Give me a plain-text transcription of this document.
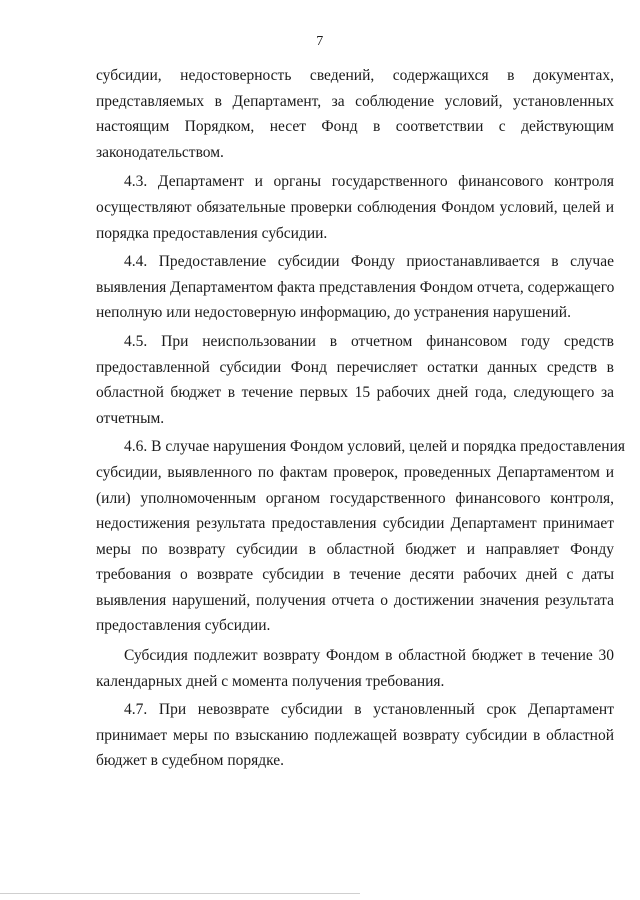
7
субсидии, недостоверность сведений, содержащихся в документах,
представляемых в Департамент, за соблюдение условий, установленных
настоящим Порядком, несет Фонд в соответствии с действующим
законодательством.
4.3. Департамент и органы государственного финансового контроля
осуществляют обязательные проверки соблюдения Фондом условий, целей и
порядка предоставления субсидии.
4.4. Предоставление субсидии Фонду приостанавливается в случае
выявления Департаментом факта представления Фондом отчета, содержащего
неполную или недостоверную информацию, до устранения нарушений.
4.5. При неиспользовании в отчетном финансовом году средств
предоставленной субсидии Фонд перечисляет остатки данных средств в
областной бюджет в течение первых 15 рабочих дней года, следующего за
отчетным.
4.6. В случае нарушения Фондом условий, целей и порядка предоставления
субсидии, выявленного по фактам проверок, проведенных Департаментом и
(или) уполномоченным органом государственного финансового контроля,
недостижения результата предоставления субсидии Департамент принимает
меры по возврату субсидии в областной бюджет и направляет Фонду
требования о возврате субсидии в течение десяти рабочих дней с даты
выявления нарушений, получения отчета о достижении значения результата
предоставления субсидии.
Субсидия подлежит возврату Фондом в областной бюджет в течение 30
календарных дней с момента получения требования.
4.7. При невозврате субсидии в установленный срок Департамент
принимает меры по взысканию подлежащей возврату субсидии в областной
бюджет в судебном порядке.
